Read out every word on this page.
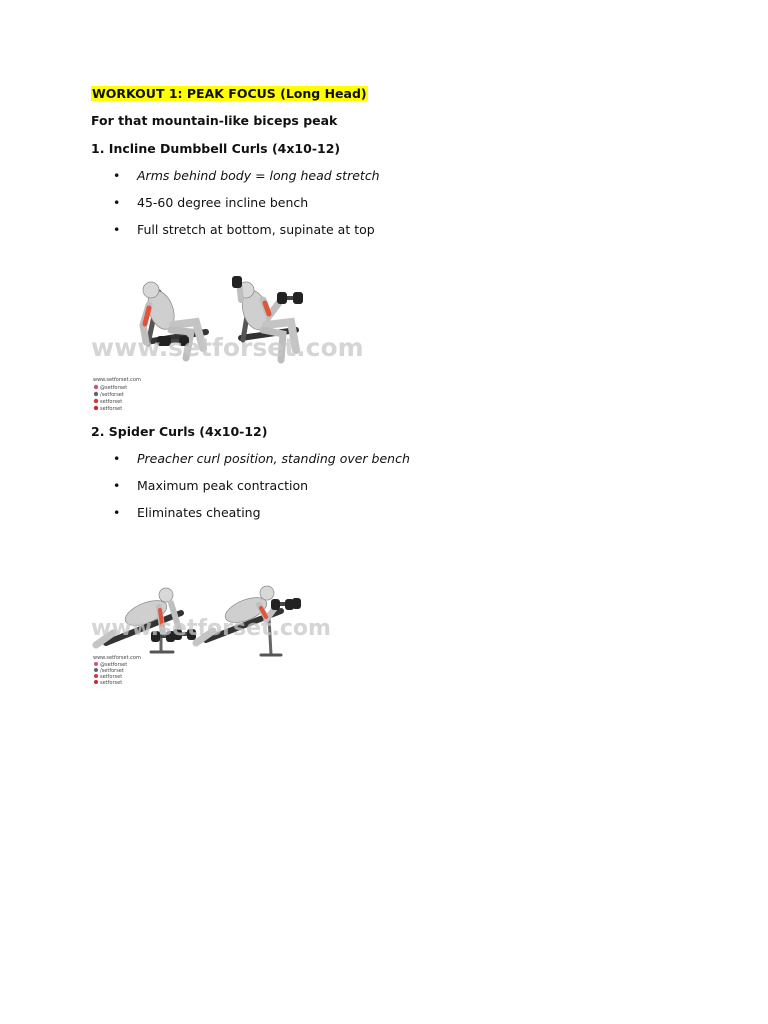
WORKOUT 1: PEAK FOCUS (Long Head)
For that mountain-like biceps peak
1. Incline Dumbbell Curls (4x10-12)
• Arms behind body = long head stretch
• 45-60 degree incline bench
• Full stretch at bottom, supinate at top
www.setforset.com
www.setforset.com
@setforset
/setforset
setforset
setforset
2. Spider Curls (4x10-12)
• Preacher curl position, standing over bench
• Maximum peak contraction
• Eliminates cheating
www.setforset.com
www.setforset.com
@setforset
/setforset
setforset
setforset
